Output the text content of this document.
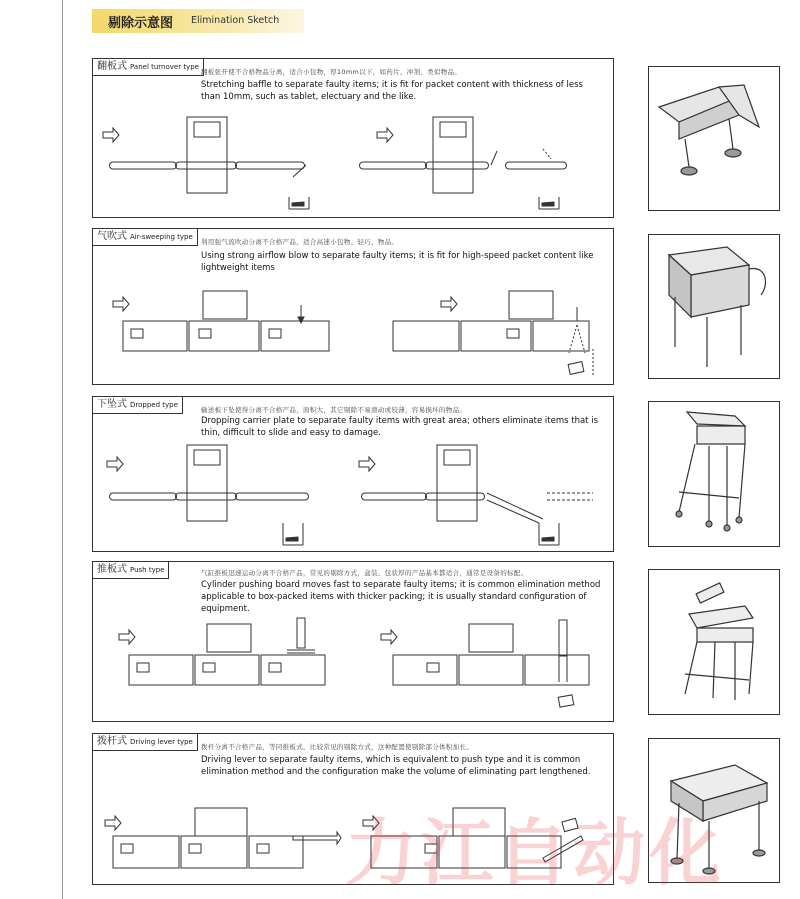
剔除示意图 Elimination Sketch
翻板式 Panel turnover type
翻板张开使不合格物品分离，适合小包物，厚10mm以下，如药片、冲剂、类似物品。
Stretching baffle to separate faulty items; it is fit for packet content with thickness of less than 10mm, such as tablet, electuary and the like.
气吹式 Air-sweeping type
利用强气流吹动分离不合格产品，适合高速小包物、轻巧、物品。
Using strong airflow blow to separate faulty items; it is fit for high-speed packet content like lightweight items
下坠式 Dropped type
输送板下坠使得分离不合格产品，面积大，其它剔除不易滑动或较薄，容易损坏的物品。
Dropping carrier plate to separate faulty items with great area; others eliminate items that is thin, difficult to slide and easy to damage.
推板式 Push type	气缸推板迅速运动分离不合格产品，常见的剔除方式，盒装、包状厚的产品基本都适合，通常是设备的标配。
Cylinder pushing board moves fast to separate faulty items; it is common elimination method applicable to box-packed items with thicker packing; it is usually standard configuration of equipment.
拨杆式 Driving lever type
拨杆分离不合格产品，等同推板式，比较常见的剔除方式，这种配置使剔除部分体积加长。
Driving lever to separate faulty items, which is equivalent to push type and it is common elimination method and the configuration make the volume of eliminating part lengthened.
力江自动化
